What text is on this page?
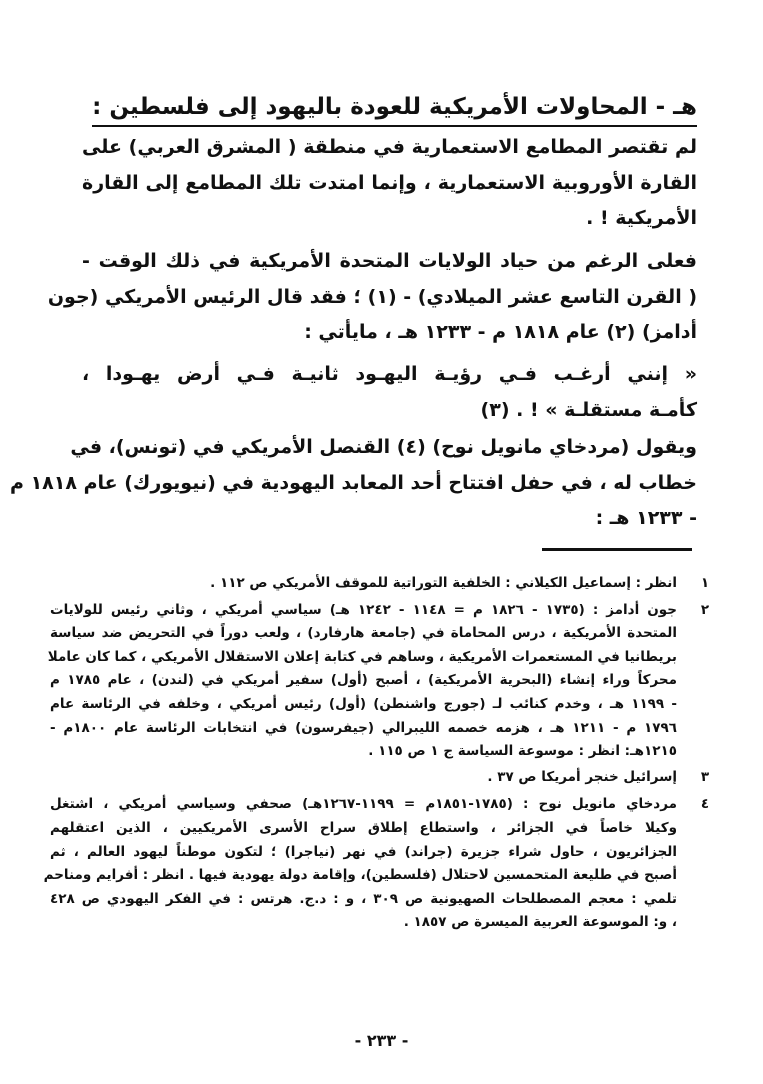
هـ - المحاولات الأمريكية للعودة باليهود إلى فلسطين :
لم تقتصر المطامع الاستعمارية في منطقة ( المشرق العربي) على
القارة الأوروبية الاستعمارية ، وإنما امتدت تلك المطامع إلى القارة
الأمريكية ! .
فعلى الرغم من حياد الولايات المتحدة الأمريكية في ذلك الوقت -
( القرن التاسع عشر الميلادي) - (١) ؛ فقد قال الرئيس الأمريكي (جون
أدامز) (٢) عام ١٨١٨ م - ١٢٣٣ هـ ، مايأتي :
« إنني أرغـب فـي رؤيـة اليهـود ثانيـة فـي أرض يهـودا ،
كأمـة مستقلـة » ! . (٣)
ويقول (مردخاي مانويل نوح) (٤) القنصل الأمريكي في (تونس)، في
خطاب له ، في حفل افتتاح أحد المعابد اليهودية في (نيويورك) عام ١٨١٨ م
- ١٢٣٣ هـ :
١
انظر : إسماعيل الكيلاني : الخلفية التوراتية للموقف الأمريكي ص ١١٢ .
٢
جون أدامز : (١٧٣٥ - ١٨٢٦ م = ١١٤٨ - ١٢٤٢ هـ) سياسي أمريكي ، وثاني رئيس للولايات
المتحدة الأمريكية ، درس المحاماة في (جامعة هارفارد) ، ولعب دوراً في التحريض ضد سياسة
بريطانيا في المستعمرات الأمريكية ، وساهم في كتابة إعلان الاستقلال الأمريكي ، كما كان عاملا
محركاً وراء إنشاء (البحرية الأمريكية) ، أصبح (أول) سفير أمريكي في (لندن) ، عام ١٧٨٥ م
- ١١٩٩ هـ ، وخدم كنائب لـ (جورج واشنطن) (أول) رئيس أمريكي ، وخلفه في الرئاسة عام
١٧٩٦ م - ١٢١١ هـ ، هزمه خصمه الليبرالي (جيفرسون) في انتخابات الرئاسة عام ١٨٠٠م -
١٢١٥هـ: انظر : موسوعة السياسة ج ١ ص ١١٥ .
٣
إسرائيل خنجر أمريكا ص ٣٧ .
٤
مردخاي مانويل نوح : (١٧٨٥-١٨٥١م = ١١٩٩-١٢٦٧هـ) صحفي وسياسي أمريكي ، اشتغل
وكيلا خاصاً في الجزائر ، واستطاع إطلاق سراح الأسرى الأمريكيين ، الذين اعتقلهم
الجزائريون ، حاول شراء جزيرة (جراند) في نهر (نياجرا) ؛ لتكون موطناً ليهود العالم ، ثم
أصبح في طليعة المتحمسين لاحتلال (فلسطين)، وإقامة دولة يهودية فيها . انظر : أفرايم ومناحم
تلمي : معجم المصطلحات الصهيونية ص ٣٠٩ ، و : د.ج. هرتس : في الفكر اليهودي ص ٤٢٨
، و: الموسوعة العربية الميسرة ص ١٨٥٧ .
- ٢٣٣ -
